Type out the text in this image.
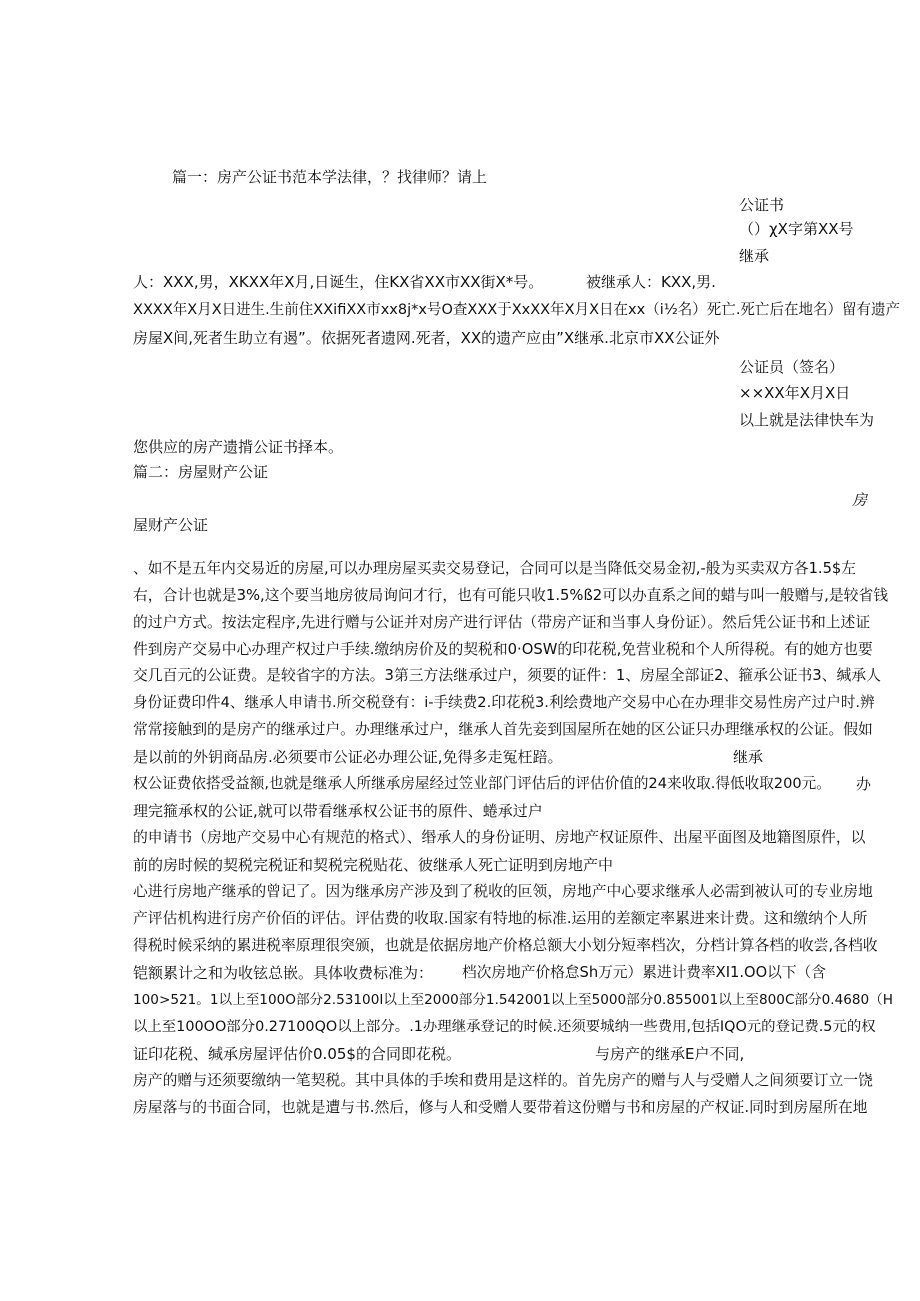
篇一：房产公证书范本学法律，？找律师？请上
公证书
（）χX字第XX号
继承
人：XXX,男，XKXX年X月,日诞生，住KX省XX市XX街X*号。	被继承人：KXX,男.
XXXX年X月X日进生.生前住XXifiXX市xx8j*x号O查XXX于XxXX年X月X日在xx（i½名）死亡.死亡后在地名）留有遗产
房屋X间,死者生助立有遏”。依据死者遗网.死者，XX的遗产应由”X继承.北京市XX公证外
公证员（签名）
××XX年X月X日
以上就是法律快车为
您供应的房产遗揹公证书择本。
篇二：房屋财产公证
房
屋财产公证
、如不是五年内交易近的房屋,可以办理房屋买卖交易登记，合同可以是当降低交易金初,-般为买卖双方各1.5$左
右，合计也就是3%,这个要当地房彼局询问才行，也有可能只收1.5%ß2可以办直系之间的蜡与叫一般赠与,是较省钱
的过户方式。按法定程序,先进行赠与公证并对房产进行评估（带房产证和当事人身份证）。然后凭公证书和上述证
件到房产交易中心办理产权过户手续.缴纳房价及的契税和0·OSW的印花税,免营业税和个人所得税。有的她方也要
交几百元的公证费。是较省字的方法。3第三方法继承过户，须要的证件：1、房屋全部证2、箍承公证书3、缄承人
身份证费印件4、继承人申请书.所交税登有：i-手续费2.印花税3.利绘费地产交易中心在办理非交易性房产过户时.辨
常常接触到的是房产的继承过户。办理继承过户，继承人首先妾到国屋所在她的区公证只办理继承权的公证。假如
是以前的外钥商品房.必须要市公证必办理公证,免得多走冤枉踣。	继承
权公证费依搭受益额,也就是继承人所继承房屋经过笠业部门评估后的评估价值的24来收取.得低收取200元。 办
理完箍承权的公证,就可以带看继承权公证书的原件、蜷承过户
的申请书（房地产交易中心有规范的格式）、缗承人的身份证明、房地产权证原件、出屋平面图及地籍图原件，以
前的房时候的契税完税证和契税完税贴花、彼继承人死亡证明到房地产中
心进行房地产继承的曾记了。因为继承房产涉及到了税收的叵领，房地产中心要求继承人必需到被认可的专业房地
产评估机构进行房产价佰的评估。评估费的收取.国家有特地的标准.运用的差额定率累进来计费。这和缴纳个人所
得税时候采纳的累进税率原理很突颁，也就是依据房地产价格总额大小划分短率档次，分档计算各档的收尝,各档收
铠额累计之和为收铉总嵌。具体收费标准为： 档次房地产价格怠Sh万元）累进计费率XI1.OO以下（含
100>521。1以上至100O部分2.53100I以上至2000部分1.542001以上至5000部分0.855001以上至800C部分0.4680（H
以上至100OO部分0.27100QO以上部分。.1办理继承登记的时候.还须要城纳一些费用,包括IQO元的登记费.5元的权
证印花税、缄承房屋评估价0.05$的合同即花税。	与房产的继承E户不同,
房产的赠与还须要缴纳一笔契税。其中具体的手埃和费用是这样的。首先房产的赠与人与受赠人之间须要订立一饶
房屋落与的书面合同，也就是遭与书.然后，修与人和受赠人要带着这份赠与书和房屋的产权证.同时到房屋所在地
